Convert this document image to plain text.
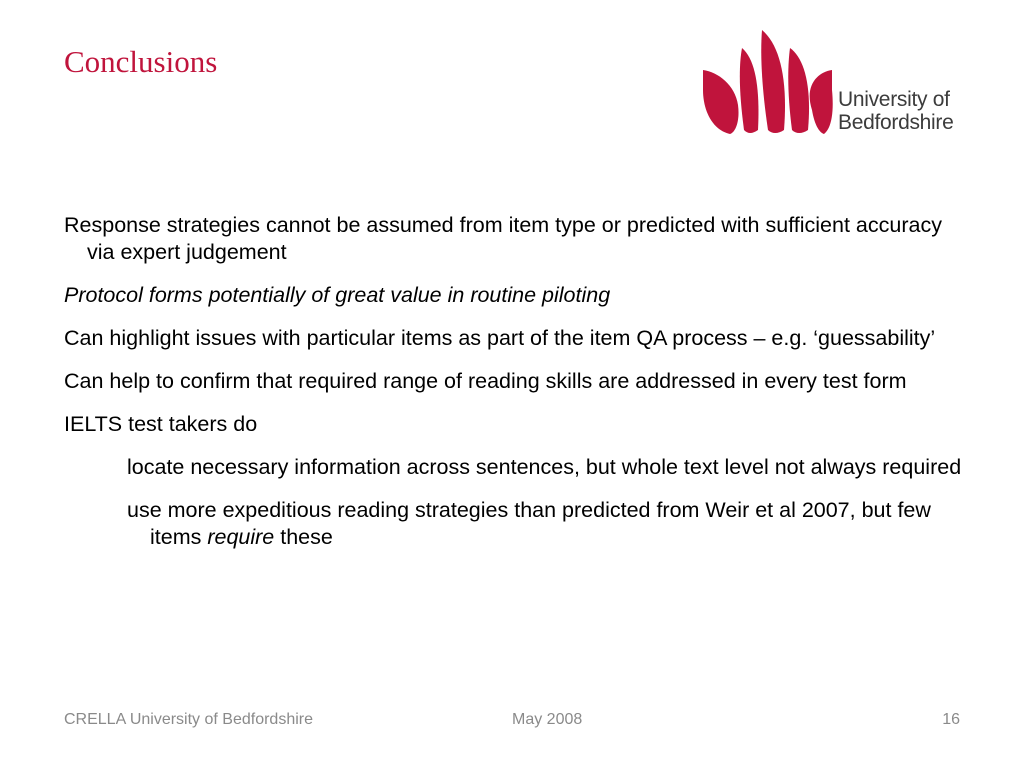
Conclusions
University of
Bedfordshire

Response strategies cannot be assumed from item type or predicted with sufficient accuracy via expert judgement

Protocol forms potentially of great value in routine piloting

Can highlight issues with particular items as part of the item QA process – e.g. ‘guessability’

Can help to confirm that required range of reading skills are addressed in every test form

IELTS test takers do

locate necessary information across sentences, but whole text level not always required

use more expeditious reading strategies than predicted from Weir et al 2007, but few items require these

CRELLA University of Bedfordshire	May 2008	16
